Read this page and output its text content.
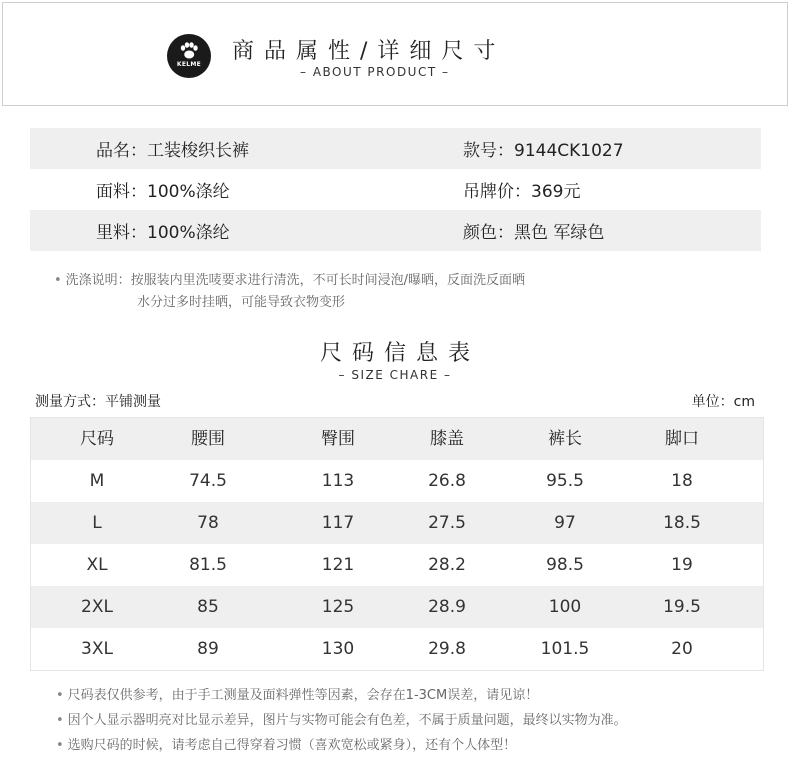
KELME
商品属性/详细尺寸
– ABOUT PRODUCT –
品名：工装梭织长裤	款号：9144CK1027
面料：100%涤纶	吊牌价：369元
里料：100%涤纶	颜色：黑色 军绿色
• 洗涤说明：按服装内里洗唛要求进行清洗，不可长时间浸泡/曝晒，反面洗反面晒
水分过多时挂晒，可能导致衣物变形
尺码信息表
– SIZE CHARE –
测量方式：平铺测量	单位：cm
尺码	腰围	臀围	膝盖	裤长	脚口
M	74.5	113	26.8	95.5	18
L	78	117	27.5	97	18.5
XL	81.5	121	28.2	98.5	19
2XL	85	125	28.9	100	19.5
3XL	89	130	29.8	101.5	20
• 尺码表仅供参考，由于手工测量及面料弹性等因素，会存在1-3CM误差，请见谅！
• 因个人显示器明亮对比显示差异，图片与实物可能会有色差，不属于质量问题，最终以实物为准。
• 选购尺码的时候，请考虑自己得穿着习惯（喜欢宽松或紧身），还有个人体型！
